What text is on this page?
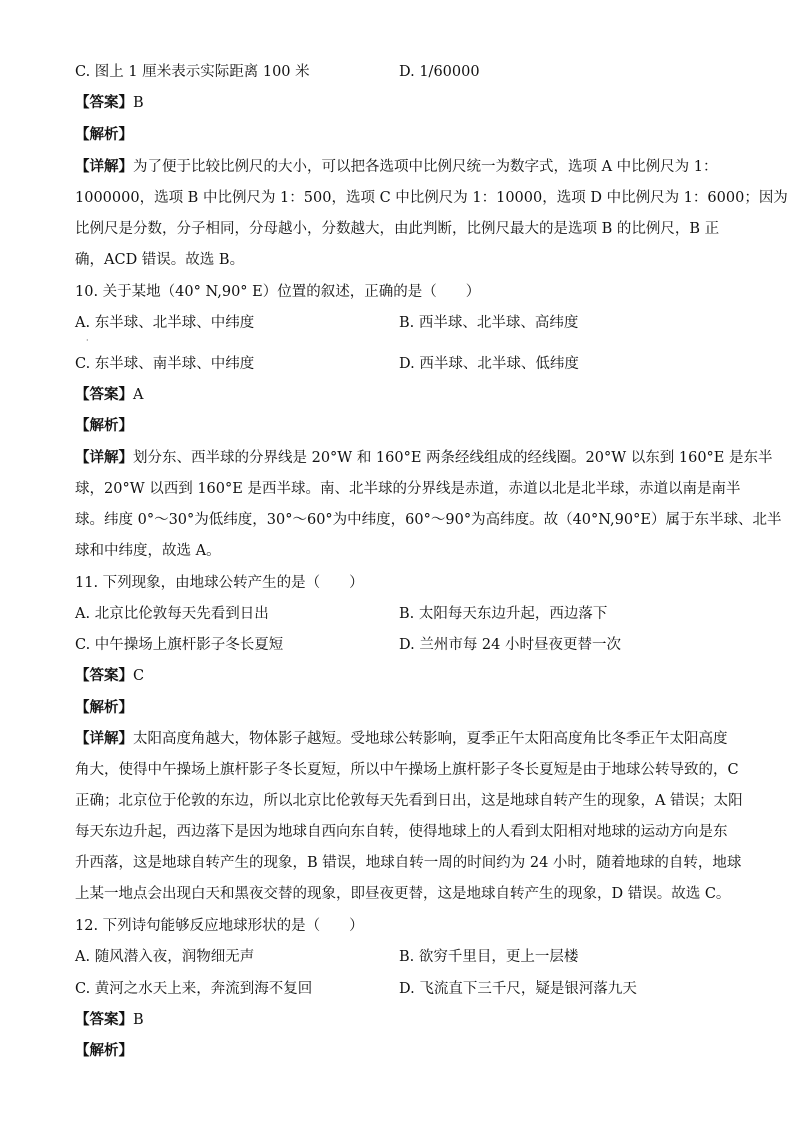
C. 图上 1 厘米表示实际距离 100 米	D. 1/60000
【答案】B
【解析】
【详解】为了便于比较比例尺的大小，可以把各选项中比例尺统一为数字式，选项 A 中比例尺为 1：
1000000，选项 B 中比例尺为 1：500，选项 C 中比例尺为 1：10000，选项 D 中比例尺为 1：6000；因为
比例尺是分数，分子相同，分母越小，分数越大，由此判断，比例尺最大的是选项 B 的比例尺，B 正
确，ACD 错误。故选 B。
10. 关于某地（40° N,90° E）位置的叙述，正确的是（　　）
A. 东半球、北半球、中纬度	B. 西半球、北半球、高纬度
·
C. 东半球、南半球、中纬度	D. 西半球、北半球、低纬度
【答案】A
【解析】
【详解】划分东、西半球的分界线是 20°W 和 160°E 两条经线组成的经线圈。20°W 以东到 160°E 是东半
球，20°W 以西到 160°E 是西半球。南、北半球的分界线是赤道，赤道以北是北半球，赤道以南是南半
球。纬度 0°～30°为低纬度，30°～60°为中纬度，60°～90°为高纬度。故（40°N,90°E）属于东半球、北半
球和中纬度，故选 A。
11. 下列现象，由地球公转产生的是（　　）
A. 北京比伦敦每天先看到日出	B. 太阳每天东边升起，西边落下
C. 中午操场上旗杆影子冬长夏短	D. 兰州市每 24 小时昼夜更替一次
【答案】C
【解析】
【详解】太阳高度角越大，物体影子越短。受地球公转影响，夏季正午太阳高度角比冬季正午太阳高度
角大，使得中午操场上旗杆影子冬长夏短，所以中午操场上旗杆影子冬长夏短是由于地球公转导致的，C
正确；北京位于伦敦的东边，所以北京比伦敦每天先看到日出，这是地球自转产生的现象，A 错误；太阳
每天东边升起，西边落下是因为地球自西向东自转，使得地球上的人看到太阳相对地球的运动方向是东
升西落，这是地球自转产生的现象，B 错误，地球自转一周的时间约为 24 小时，随着地球的自转，地球
上某一地点会出现白天和黑夜交替的现象，即昼夜更替，这是地球自转产生的现象，D 错误。故选 C。
12. 下列诗句能够反应地球形状的是（　　）
A. 随风潜入夜，润物细无声	B. 欲穷千里目，更上一层楼
C. 黄河之水天上来，奔流到海不复回	D. 飞流直下三千尺，疑是银河落九天
【答案】B
【解析】
